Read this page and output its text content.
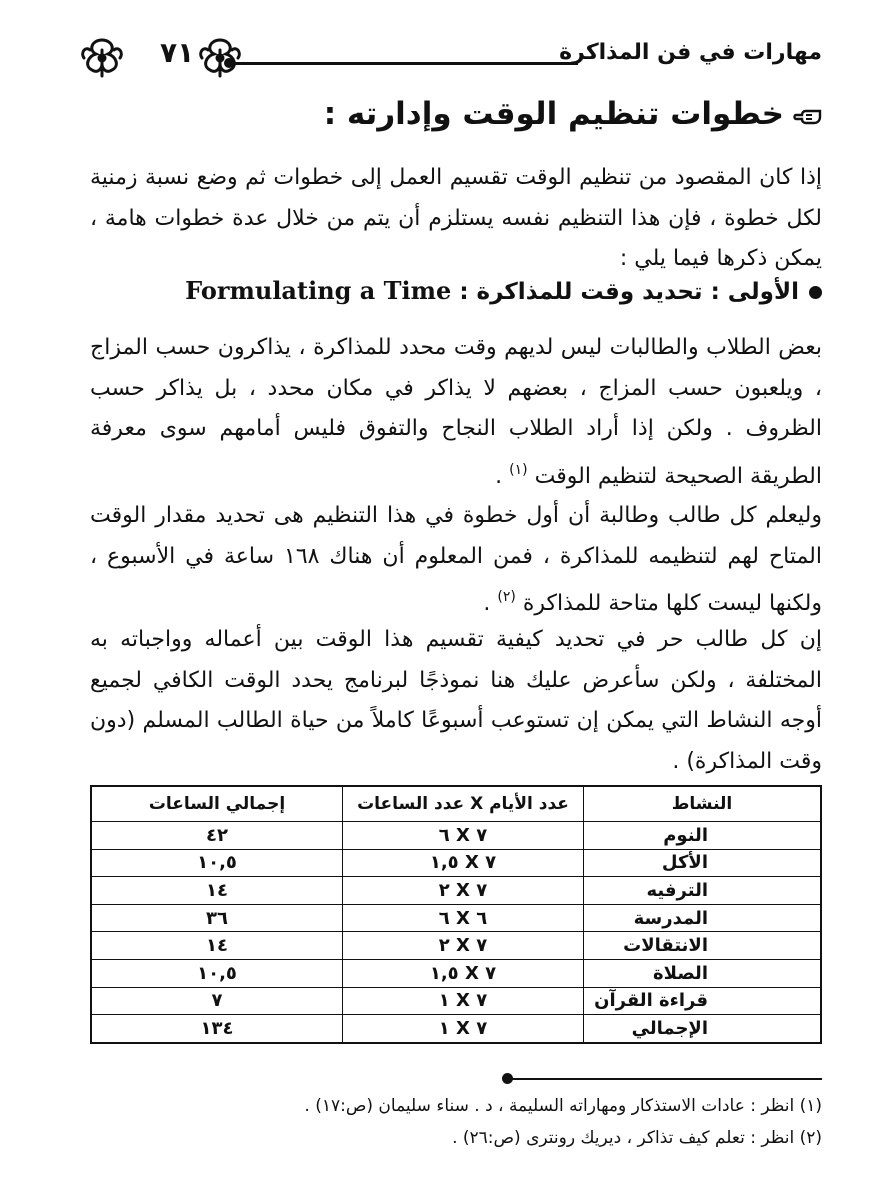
٧١	مهارات في فن المذاكرة
خطوات تنظيم الوقت وإدارته :
إذا كان المقصود من تنظيم الوقت تقسيم العمل إلى خطوات ثم وضع نسبة زمنية لكل خطوة ، فإن هذا التنظيم نفسه يستلزم أن يتم من خلال عدة خطوات هامة ، يمكن ذكرها فيما يلي :
الأولى : تحديد وقت للمذاكرة : Formulating a Time
بعض الطلاب والطالبات ليس لديهم وقت محدد للمذاكرة ، يذاكرون حسب المزاج ، ويلعبون حسب المزاج ، بعضهم لا يذاكر في مكان محدد ، بل يذاكر حسب الظروف . ولكن إذا أراد الطلاب النجاح والتفوق فليس أمامهم سوى معرفة الطريقة الصحيحة لتنظيم الوقت $^{(١)}$ .
وليعلم كل طالب وطالبة أن أول خطوة في هذا التنظيم هى تحديد مقدار الوقت المتاح لهم لتنظيمه للمذاكرة ، فمن المعلوم أن هناك ١٦٨ ساعة في الأسبوع ، ولكنها ليست كلها متاحة للمذاكرة $^{(٢)}$ .
إن كل طالب حر في تحديد كيفية تقسيم هذا الوقت بين أعماله وواجباته به المختلفة ، ولكن سأعرض عليك هنا نموذجًا لبرنامج يحدد الوقت الكافي لجميع أوجه النشاط التي يمكن إن تستوعب أسبوعًا كاملاً من حياة الطالب المسلم (دون وقت المذاكرة) .
النشاط	عدد الأيام X عدد الساعات	إجمالي الساعات
النوم	٧ X ٦	٤٢
الأكل	٧ X ١,٥	١٠,٥
الترفيه	٧ X ٢	١٤
المدرسة	٦ X ٦	٣٦
الانتقالات	٧ X ٢	١٤
الصلاة	٧ X ١,٥	١٠,٥
قراءة القرآن	٧ X ١	٧
الإجمالي	٧ X ١	١٣٤
(١) انظر : عادات الاستذكار ومهاراته السليمة ، د . سناء سليمان (ص:١٧) .
(٢) انظر : تعلم كيف تذاكر ، ديريك رونترى (ص:٢٦) .
